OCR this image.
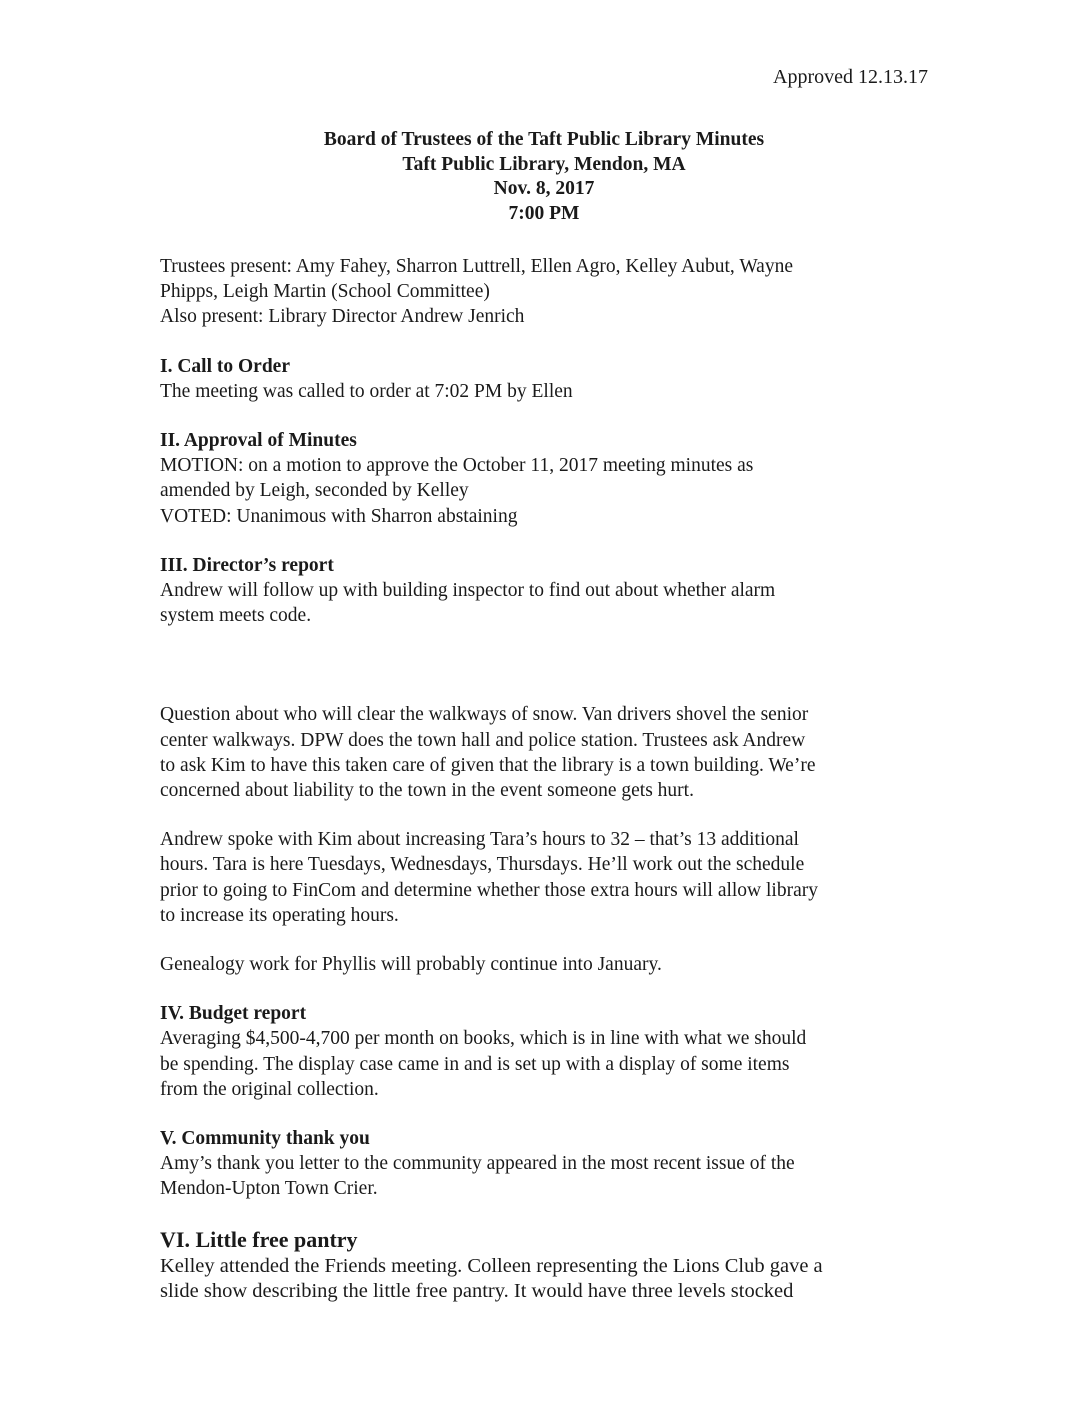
Approved 12.13.17
Board of Trustees of the Taft Public Library Minutes
Taft Public Library, Mendon, MA
Nov. 8, 2017
7:00 PM
Trustees present: Amy Fahey, Sharron Luttrell, Ellen Agro, Kelley Aubut, Wayne
Phipps, Leigh Martin (School Committee)
Also present: Library Director Andrew Jenrich
I. Call to Order
The meeting was called to order at 7:02 PM by Ellen
II. Approval of Minutes
MOTION: on a motion to approve the October 11, 2017 meeting minutes as
amended by Leigh, seconded by Kelley
VOTED: Unanimous with Sharron abstaining
III. Director’s report
Andrew will follow up with building inspector to find out about whether alarm
system meets code.
Question about who will clear the walkways of snow. Van drivers shovel the senior
center walkways. DPW does the town hall and police station. Trustees ask Andrew
to ask Kim to have this taken care of given that the library is a town building. We’re
concerned about liability to the town in the event someone gets hurt.
Andrew spoke with Kim about increasing Tara’s hours to 32 – that’s 13 additional
hours. Tara is here Tuesdays, Wednesdays, Thursdays. He’ll work out the schedule
prior to going to FinCom and determine whether those extra hours will allow library
to increase its operating hours.
Genealogy work for Phyllis will probably continue into January.
IV. Budget report
Averaging $4,500-4,700 per month on books, which is in line with what we should
be spending. The display case came in and is set up with a display of some items
from the original collection.
V. Community thank you
Amy’s thank you letter to the community appeared in the most recent issue of the
Mendon-Upton Town Crier.
VI. Little free pantry
Kelley attended the Friends meeting. Colleen representing the Lions Club gave a
slide show describing the little free pantry. It would have three levels stocked
